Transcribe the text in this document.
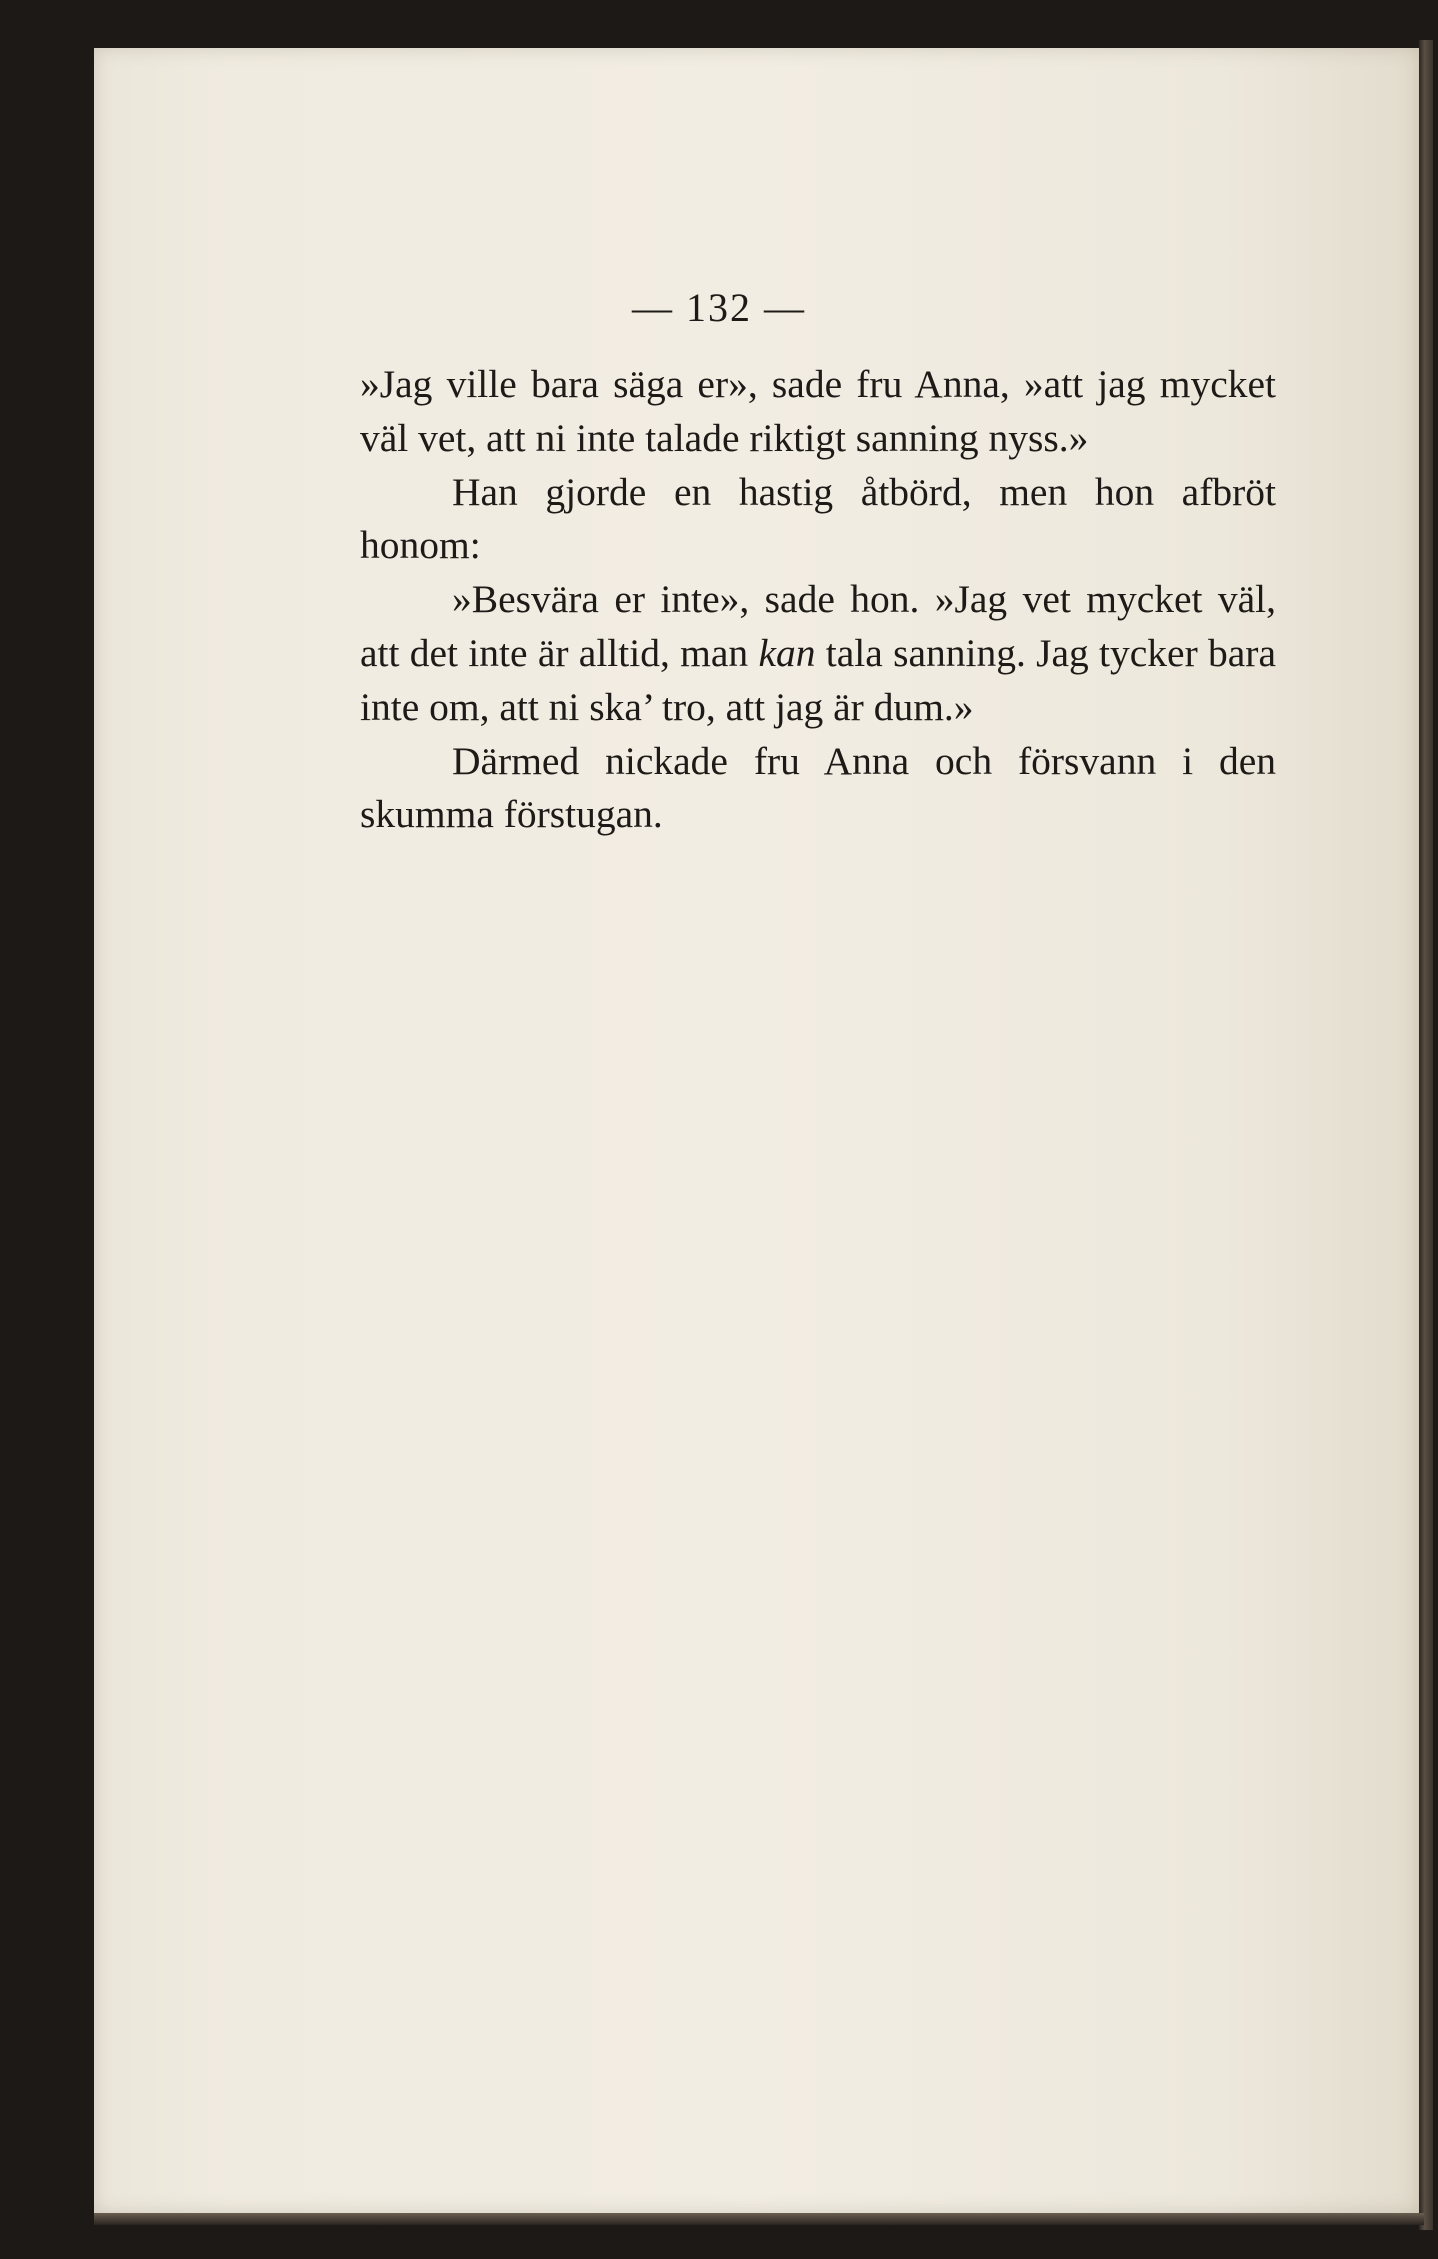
— 132 —

»Jag ville bara säga er», sade fru Anna, »att jag mycket väl vet, att ni inte talade riktigt sanning nyss.»

Han gjorde en hastig åtbörd, men hon afbröt honom:

»Besvära er inte», sade hon. »Jag vet mycket väl, att det inte är alltid, man kan tala sanning. Jag tycker bara inte om, att ni ska’ tro, att jag är dum.»

Därmed nickade fru Anna och försvann i den skumma förstugan.
